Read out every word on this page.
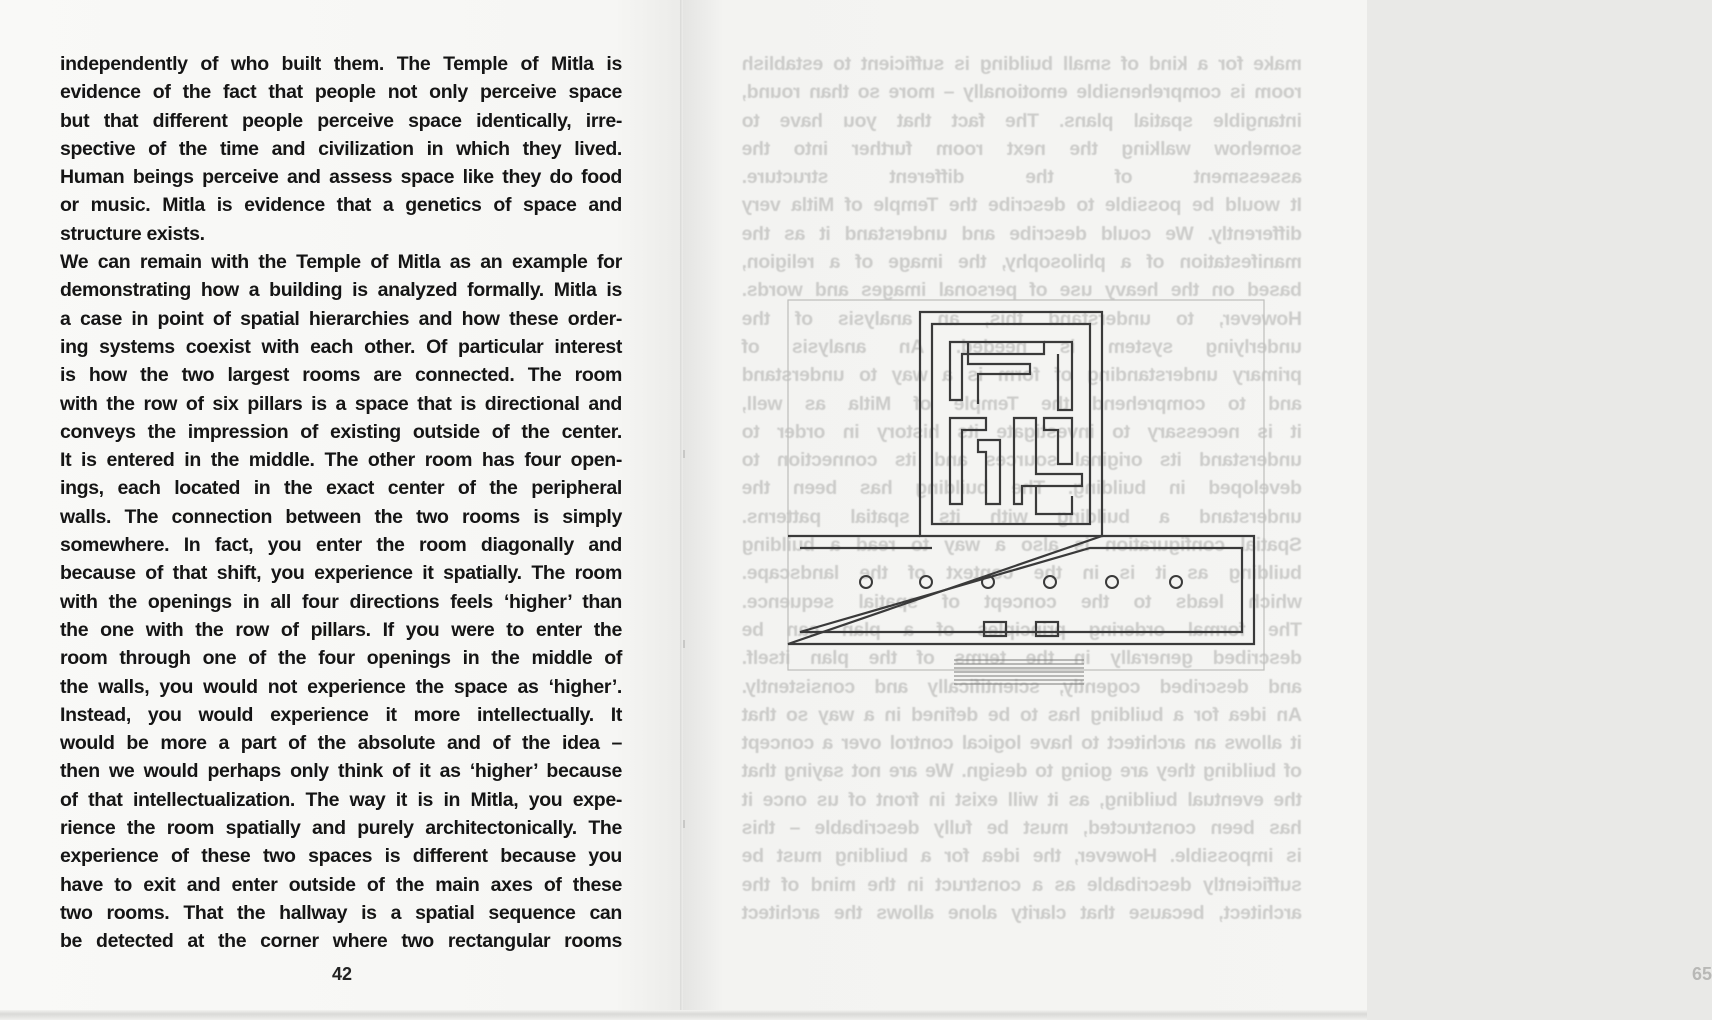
independently of who built them. The Temple of Mitla is
evidence of the fact that people not only perceive space
but that different people perceive space identically, irre-
spective of the time and civilization in which they lived.
Human beings perceive and assess space like they do food
or music. Mitla is evidence that a genetics of space and
structure exists.
We can remain with the Temple of Mitla as an example for
demonstrating how a building is analyzed formally. Mitla is
a case in point of spatial hierarchies and how these order-
ing systems coexist with each other. Of particular interest
is how the two largest rooms are connected. The room
with the row of six pillars is a space that is directional and
conveys the impression of existing outside of the center.
It is entered in the middle. The other room has four open-
ings, each located in the exact center of the peripheral
walls. The connection between the two rooms is simply
somewhere. In fact, you enter the room diagonally and
because of that shift, you experience it spatially. The room
with the openings in all four directions feels ‘higher’ than
the one with the row of pillars. If you were to enter the
room through one of the four openings in the middle of
the walls, you would not experience the space as ‘higher’.
Instead, you would experience it more intellectually. It
would be more a part of the absolute and of the idea –
then we would perhaps only think of it as ‘higher’ because
of that intellectualization. The way it is in Mitla, you expe-
rience the room spatially and purely architectonically. The
experience of these two spaces is different because you
have to exit and enter outside of the main axes of these
two rooms. That the hallway is a spatial sequence can
be detected at the corner where two rectangular rooms
42	65
make for a kind of small building is sufficient to establish
room is comprehensible emotionally – more so than round,
intangible spatial plans. The fact that you have to
somehow walking the next room further into the
assessment of the different structure.
It would be possible to describe the Temple of Mitla very
differently. We could describe and understand it as the
manifestation of a philosophy, the image of a religion,
based on the heavy use of personal images and words.
However, to understand this, an analysis of the
underlying system is needed. An analysis of
primary understanding of form is a way to understand
and to comprehend the Temple of Mitla as well,
it is necessary to investigate its history in order to
understand its original sources and its connection to
developed in building. The building has been the
understand a building with its spatial patterns.
Spatial configuration is also a way to read a building
building as it is in the context of the landscape.
which leads to the concept of spatial sequence.
The formal ordering principles of a plan can be
described generally in the terms of the plan itself.
and described cogently, scientifically and consistently.
An idea for a building has to be defined in a way so that
it allows an architect to have logical control over a concept
of building they are going to design. We are not saying that
the eventual building, as it will exist in front of us once it
has been constructed, must be fully describable – this
is impossible. However, the idea for a building must be
sufficiently describable as a construct in the mind of the
architect, because that clarity alone allows the architect
